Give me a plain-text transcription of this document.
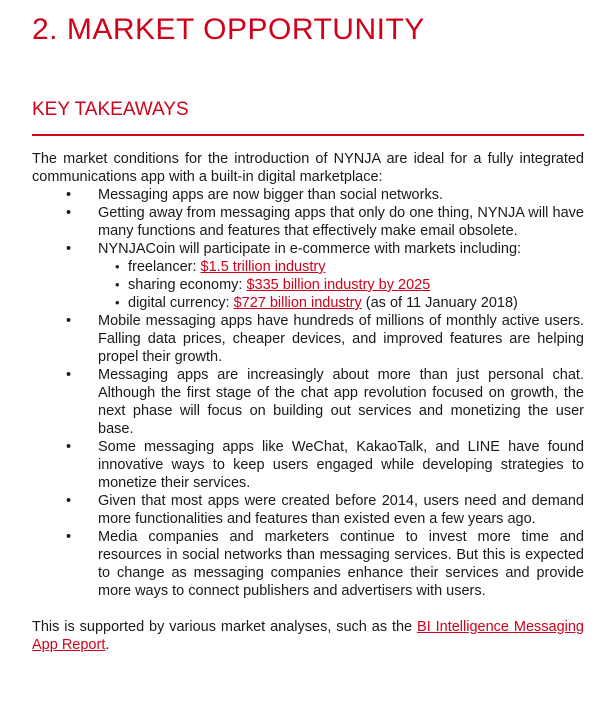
2. MARKET OPPORTUNITY
KEY TAKEAWAYS

The market conditions for the introduction of NYNJA are ideal for a fully integrated communications app with a built-in digital marketplace:

• Messaging apps are now bigger than social networks.
• Getting away from messaging apps that only do one thing, NYNJA will have many functions and features that effectively make email obsolete.
• NYNJACoin will participate in e-commerce with markets including:
• freelancer: $1.5 trillion industry
• sharing economy: $335 billion industry by 2025
• digital currency: $727 billion industry (as of 11 January 2018)
• Mobile messaging apps have hundreds of millions of monthly active users. Falling data prices, cheaper devices, and improved features are helping propel their growth.
• Messaging apps are increasingly about more than just personal chat. Although the first stage of the chat app revolution focused on growth, the next phase will focus on building out services and monetizing the user base.
• Some messaging apps like WeChat, KakaoTalk, and LINE have found innovative ways to keep users engaged while developing strategies to monetize their services.
• Given that most apps were created before 2014, users need and demand more functionalities and features than existed even a few years ago.
• Media companies and marketers continue to invest more time and resources in social networks than messaging services. But this is expected to change as messaging companies enhance their services and provide more ways to connect publishers and advertisers with users.

This is supported by various market analyses, such as the BI Intelligence Messaging App Report.
